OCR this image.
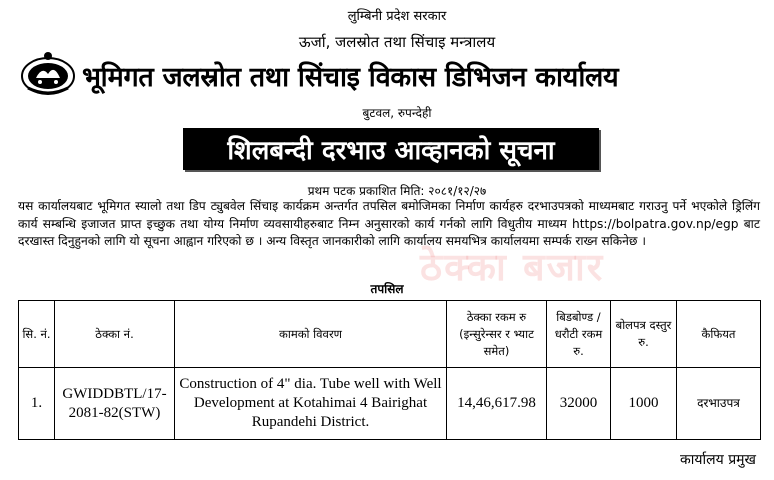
लुम्बिनी प्रदेश सरकार
ऊर्जा, जलस्रोत तथा सिंचाइ मन्त्रालय
भूमिगत जलस्रोत तथा सिंचाइ विकास डिभिजन कार्यालय
बुटवल, रुपन्देही
शिलबन्दी दरभाउ आव्हानको सूचना
प्रथम पटक प्रकाशित मिति: २०८१/१२/२७
यस कार्यालयबाट भूमिगत स्यालो तथा डिप ट्युबवेल सिंचाइ कार्यक्रम अन्तर्गत तपसिल बमोजिमका निर्माण कार्यहरु दरभाउपत्रको माध्यमबाट गराउनु पर्ने भएकोले ड्रिलिंग कार्य सम्बन्धि इजाजत प्राप्त इच्छुक तथा योग्य निर्माण व्यवसायीहरुबाट निम्न अनुसारको कार्य गर्नको लागि विधुतीय माध्यम https://bolpatra.gov.np/egp बाट दरखास्त दिनुहुनको लागि यो सूचना आह्वान गरिएको छ । अन्य विस्तृत जानकारीको लागि कार्यालय समयभित्र कार्यालयमा सम्पर्क राख्न सकिनेछ ।
ठेक्का बजार
तपसिल
सि. नं.	ठेक्का नं.	कामको विवरण	ठेक्का रकम रु (इन्सुरेन्सर र भ्याट समेत)	बिडबोण्ड / धरौटी रकम रु.	बोलपत्र दस्तुर रु.	कैफियत
1.	GWIDDBTL/17-2081-82(STW)	Construction of 4" dia. Tube well with Well Development at Kotahimai 4 Bairighat Rupandehi District.	14,46,617.98	32000	1000	दरभाउपत्र
कार्यालय प्रमुख
